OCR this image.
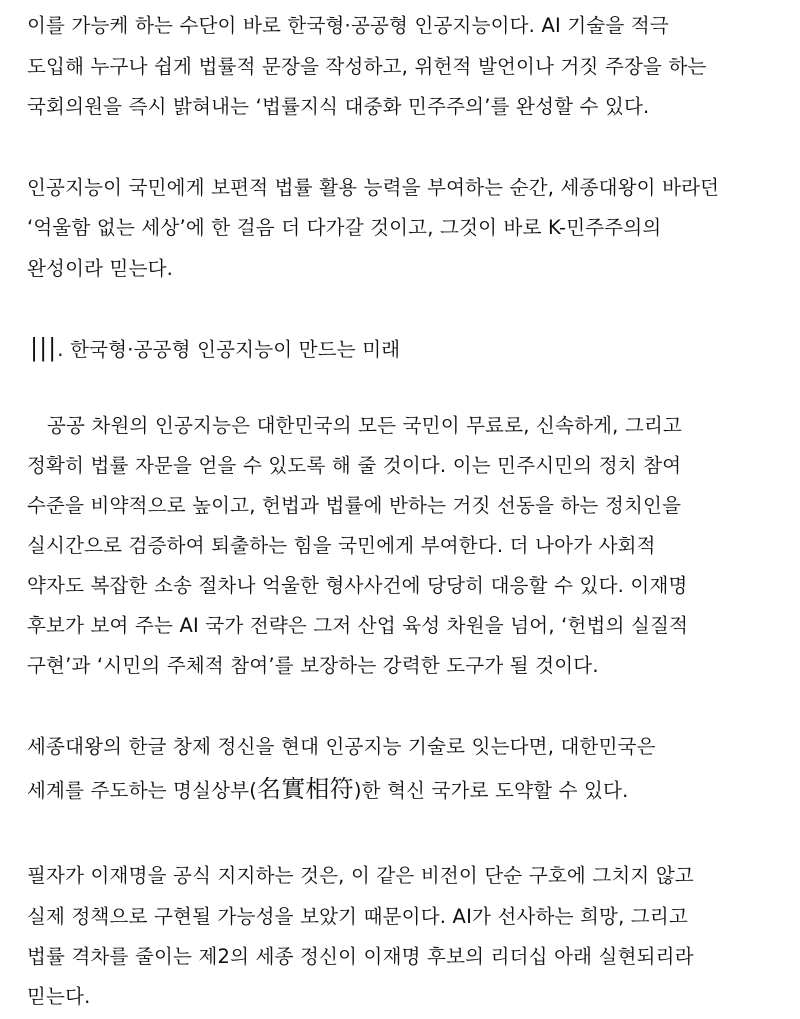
이를 가능케 하는 수단이 바로 한국형·공공형 인공지능이다. AI 기술을 적극
도입해 누구나 쉽게 법률적 문장을 작성하고, 위헌적 발언이나 거짓 주장을 하는
국회의원을 즉시 밝혀내는 ‘법률지식 대중화 민주주의’를 완성할 수 있다.
인공지능이 국민에게 보편적 법률 활용 능력을 부여하는 순간, 세종대왕이 바라던
‘억울함 없는 세상’에 한 걸음 더 다가갈 것이고, 그것이 바로 K-민주주의의
완성이라 믿는다.
|||. 한국형·공공형 인공지능이 만드는 미래
공공 차원의 인공지능은 대한민국의 모든 국민이 무료로, 신속하게, 그리고
정확히 법률 자문을 얻을 수 있도록 해 줄 것이다. 이는 민주시민의 정치 참여
수준을 비약적으로 높이고, 헌법과 법률에 반하는 거짓 선동을 하는 정치인을
실시간으로 검증하여 퇴출하는 힘을 국민에게 부여한다. 더 나아가 사회적
약자도 복잡한 소송 절차나 억울한 형사사건에 당당히 대응할 수 있다. 이재명
후보가 보여 주는 AI 국가 전략은 그저 산업 육성 차원을 넘어, ‘헌법의 실질적
구현’과 ‘시민의 주체적 참여’를 보장하는 강력한 도구가 될 것이다.
세종대왕의 한글 창제 정신을 현대 인공지능 기술로 잇는다면, 대한민국은
세계를 주도하는 명실상부(名實相符)한 혁신 국가로 도약할 수 있다.
필자가 이재명을 공식 지지하는 것은, 이 같은 비전이 단순 구호에 그치지 않고
실제 정책으로 구현될 가능성을 보았기 때문이다. AI가 선사하는 희망, 그리고
법률 격차를 줄이는 제2의 세종 정신이 이재명 후보의 리더십 아래 실현되리라
믿는다.
